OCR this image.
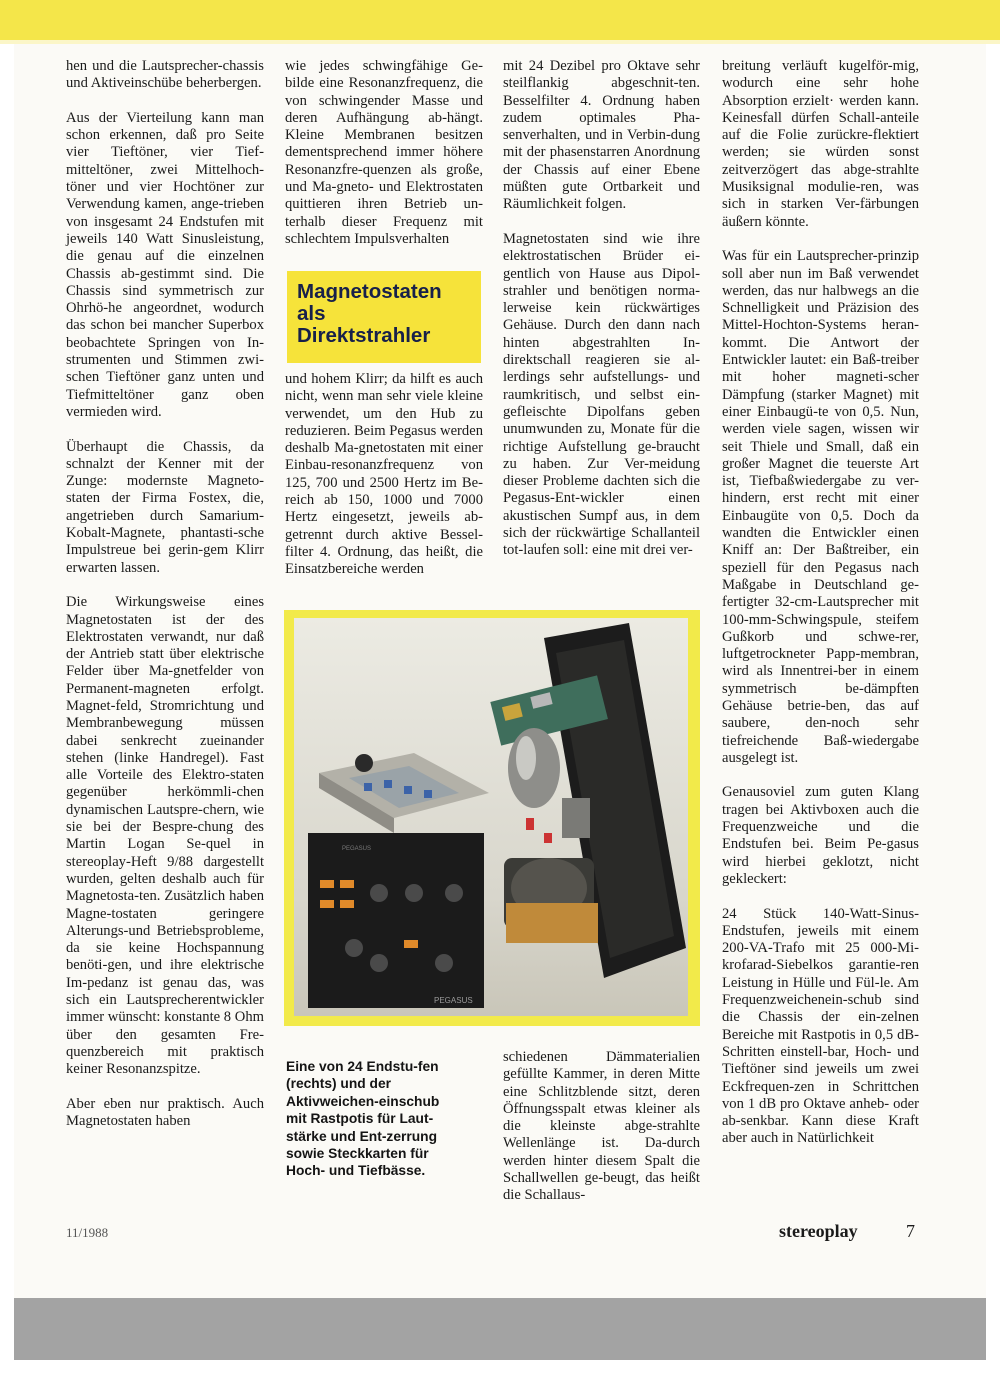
hen und die Lautsprecher-chassis und Aktiveinschübe beherbergen.

Aus der Vierteilung kann man schon erkennen, daß pro Seite vier Tieftöner, vier Tief-mitteltöner, zwei Mittelhoch-töner und vier Hochtöner zur Verwendung kamen, ange-trieben von insgesamt 24 Endstufen mit jeweils 140 Watt Sinusleistung, die genau auf die einzelnen Chassis ab-gestimmt sind. Die Chassis sind symmetrisch zur Ohrhö-he angeordnet, wodurch das schon bei mancher Superbox beobachtete Springen von In-strumenten und Stimmen zwi-schen Tieftöner ganz unten und Tiefmitteltöner ganz oben vermieden wird.

Überhaupt die Chassis, da schnalzt der Kenner mit der Zunge: modernste Magneto-staten der Firma Fostex, die, angetrieben durch Samarium-Kobalt-Magnete, phantasti-sche Impulstreue bei gerin-gem Klirr erwarten lassen.

Die Wirkungsweise eines Magnetostaten ist der des Elektrostaten verwandt, nur daß der Antrieb statt über elektrische Felder über Ma-gnetfelder von Permanent-magneten erfolgt. Magnet-feld, Stromrichtung und Membranbewegung müssen dabei senkrecht zueinander stehen (linke Handregel). Fast alle Vorteile des Elektro-staten gegenüber herkömmli-chen dynamischen Lautspre-chern, wie sie bei der Bespre-chung des Martin Logan Se-quel in stereoplay-Heft 9/88 dargestellt wurden, gelten deshalb auch für Magnetosta-ten. Zusätzlich haben Magne-tostaten geringere Alterungs-und Betriebsprobleme, da sie keine Hochspannung benöti-gen, und ihre elektrische Im-pedanz ist genau das, was sich ein Lautsprecherentwickler immer wünscht: konstante 8 Ohm über den gesamten Fre-quenzbereich mit praktisch keiner Resonanzspitze.

Aber eben nur praktisch. Auch Magnetostaten haben

wie jedes schwingfähige Ge-bilde eine Resonanzfrequenz, die von schwingender Masse und deren Aufhängung ab-hängt. Kleine Membranen besitzen dementsprechend immer höhere Resonanzfre-quenzen als große, und Ma-gneto- und Elektrostaten quittieren ihren Betrieb un-terhalb dieser Frequenz mit schlechtem Impulsverhalten

Magnetostaten
als
Direktstrahler

und hohem Klirr; da hilft es auch nicht, wenn man sehr viele kleine verwendet, um den Hub zu reduzieren. Beim Pegasus werden deshalb Ma-gnetostaten mit einer Einbau-resonanzfrequenz von 125, 700 und 2500 Hertz im Be-reich ab 150, 1000 und 7000 Hertz eingesetzt, jeweils ab-getrennt durch aktive Bessel-filter 4. Ordnung, das heißt, die Einsatzbereiche werden

mit 24 Dezibel pro Oktave sehr steilflankig abgeschnit-ten. Besselfilter 4. Ordnung haben zudem optimales Pha-senverhalten, und in Verbin-dung mit der phasenstarren Anordnung der Chassis auf einer Ebene müßten gute Ortbarkeit und Räumlichkeit folgen.

Magnetostaten sind wie ihre elektrostatischen Brüder ei-gentlich von Hause aus Dipol-strahler und benötigen norma-lerweise kein rückwärtiges Gehäuse. Durch den dann nach hinten abgestrahlten In-direktschall reagieren sie al-lerdings sehr aufstellungs- und raumkritisch, und selbst ein-gefleischte Dipolfans geben unumwunden zu, Monate für die richtige Aufstellung ge-braucht zu haben. Zur Ver-meidung dieser Probleme dachten sich die Pegasus-Ent-wickler einen akustischen Sumpf aus, in dem sich der rückwärtige Schallanteil tot-laufen soll: eine mit drei ver-

PEGASUS
PEGASUS
Eine von 24 Endstu-fen (rechts) und der Aktivweichen-einschub mit Rastpotis für Laut-stärke und Ent-zerrung sowie Steckkarten für Hoch- und Tiefbässe.

schiedenen Dämmaterialien gefüllte Kammer, in deren Mitte eine Schlitzblende sitzt, deren Öffnungsspalt etwas kleiner als die kleinste abge-strahlte Wellenlänge ist. Da-durch werden hinter diesem Spalt die Schallwellen ge-beugt, das heißt die Schallaus-

breitung verläuft kugelför-mig, wodurch eine sehr hohe Absorption erzielt· werden kann. Keinesfall dürfen Schall-anteile auf die Folie zurückre-flektiert werden; sie würden sonst zeitverzögert das abge-strahlte Musiksignal modulie-ren, was sich in starken Ver-färbungen äußern könnte.

Was für ein Lautsprecher-prinzip soll aber nun im Baß verwendet werden, das nur halbwegs an die Schnelligkeit und Präzision des Mittel-Hochton-Systems heran-kommt. Die Antwort der Entwickler lautet: ein Baß-treiber mit hoher magneti-scher Dämpfung (starker Magnet) mit einer Einbaugü-te von 0,5. Nun, werden viele sagen, wissen wir seit Thiele und Small, daß ein großer Magnet die teuerste Art ist, Tiefbaßwiedergabe zu ver-hindern, erst recht mit einer Einbaugüte von 0,5. Doch da wandten die Entwickler einen Kniff an: Der Baßtreiber, ein speziell für den Pegasus nach Maßgabe in Deutschland ge-fertigter 32-cm-Lautsprecher mit 100-mm-Schwingspule, steifem Gußkorb und schwe-rer, luftgetrockneter Papp-membran, wird als Innentrei-ber in einem symmetrisch be-dämpften Gehäuse betrie-ben, das auf saubere, den-noch sehr tiefreichende Baß-wiedergabe ausgelegt ist.

Genausoviel zum guten Klang tragen bei Aktivboxen auch die Frequenzweiche und die Endstufen bei. Beim Pe-gasus wird hierbei geklotzt, nicht gekleckert:

24 Stück 140-Watt-Sinus-Endstufen, jeweils mit einem 200-VA-Trafo mit 25 000-Mi-krofarad-Siebelkos garantie-ren Leistung in Hülle und Fül-le. Am Frequenzweichenein-schub sind die Chassis der ein-zelnen Bereiche mit Rastpotis in 0,5 dB-Schritten einstell-bar, Hoch- und Tieftöner sind jeweils um zwei Eckfrequen-zen in Schrittchen von 1 dB pro Oktave anheb- oder ab-senkbar. Kann diese Kraft aber auch in Natürlichkeit

11/1988	stereoplay	7
